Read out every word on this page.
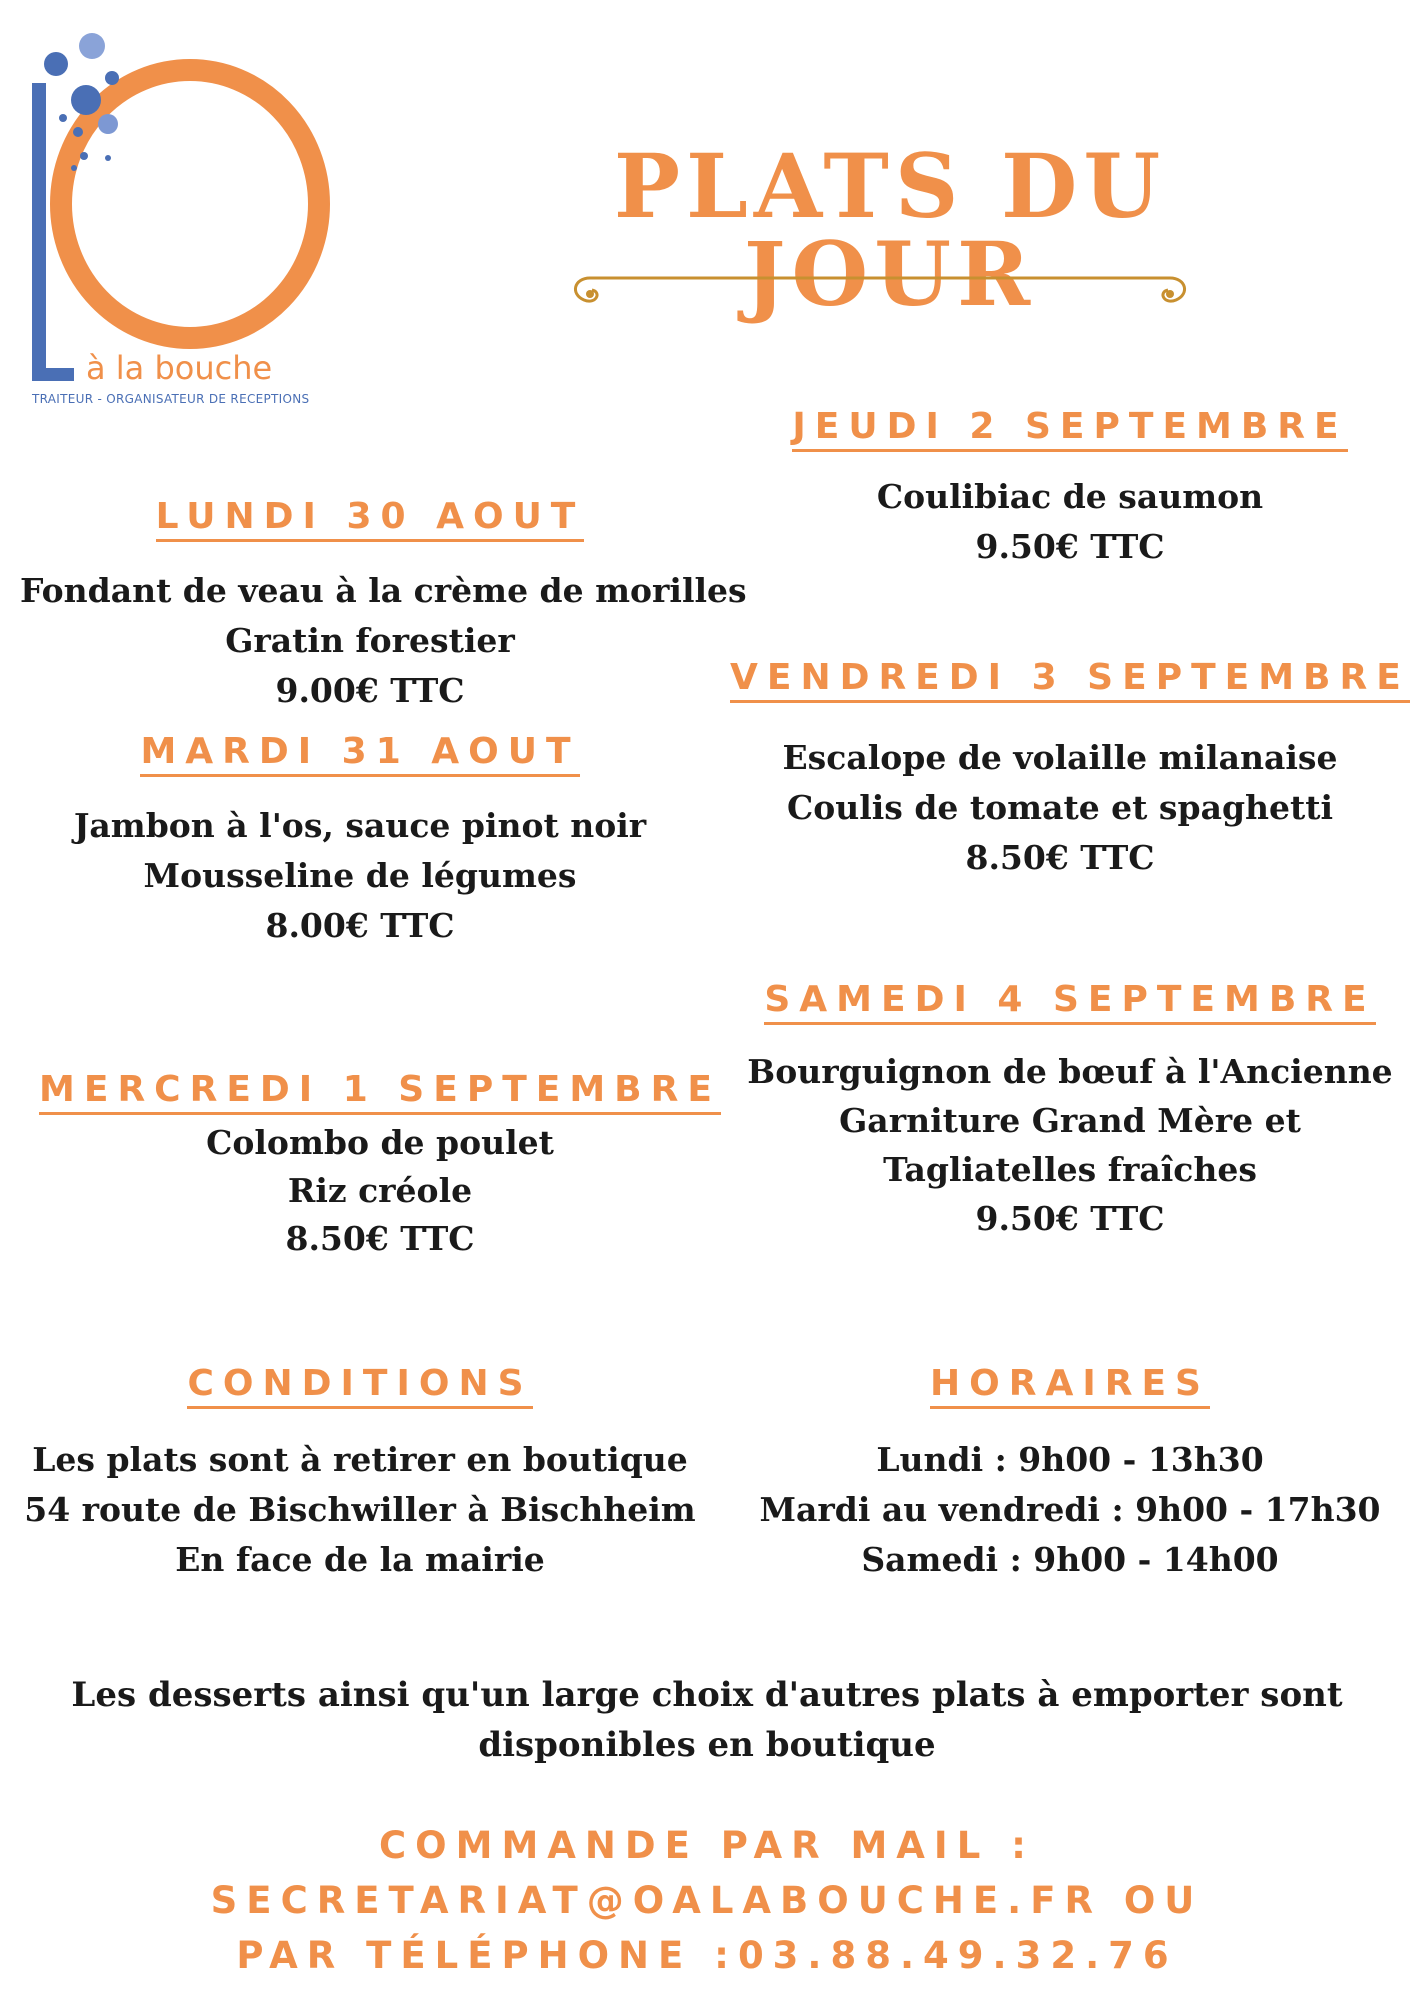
à la bouche
TRAITEUR - ORGANISATEUR DE RECEPTIONS
PLATS DU JOUR
LUNDI 30 AOUT
Fondant de veau à la crème de morilles
Gratin forestier
9.00€ TTC
MARDI 31 AOUT
Jambon à l'os, sauce pinot noir
Mousseline de légumes
8.00€ TTC
MERCREDI 1 SEPTEMBRE
Colombo de poulet
Riz créole
8.50€ TTC
JEUDI 2 SEPTEMBRE
Coulibiac de saumon
9.50€ TTC
VENDREDI 3 SEPTEMBRE
Escalope de volaille milanaise
Coulis de tomate et spaghetti
8.50€ TTC
SAMEDI 4 SEPTEMBRE
Bourguignon de bœuf à l'Ancienne
Garniture Grand Mère et
Tagliatelles fraîches
9.50€ TTC
CONDITIONS
Les plats sont à retirer en boutique
54 route de Bischwiller à Bischheim
En face de la mairie
HORAIRES
Lundi : 9h00 - 13h30
Mardi au vendredi : 9h00 - 17h30
Samedi : 9h00 - 14h00
Les desserts ainsi qu'un large choix d'autres plats à emporter sont disponibles en boutique
COMMANDE PAR MAIL :
SECRETARIAT@OALABOUCHE.FR OU
PAR TÉLÉPHONE :03.88.49.32.76
